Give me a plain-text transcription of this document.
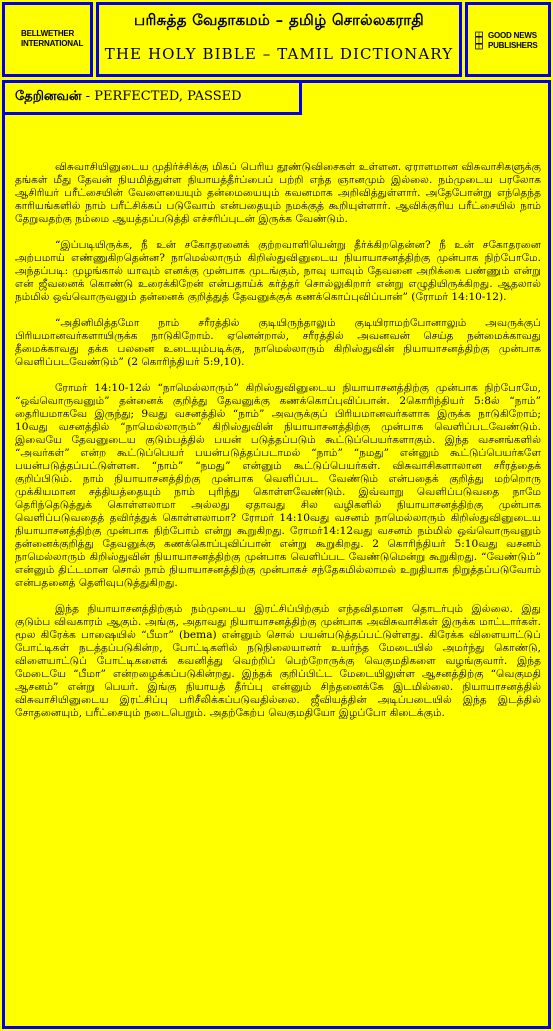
BELLWETHER INTERNATIONAL
பரிசுத்த வேதாகமம் – தமிழ் சொல்லகராதி
THE HOLY BIBLE – TAMIL DICTIONARY
GOOD NEWS PUBLISHERS
தேறினவன் - PERFECTED, PASSED

விசுவாசியினுடைய முதிர்ச்சிக்கு மிகப் பெரிய தூண்டுவிசைகள் உள்ளன. ஏராளமான விசுவாசிகளுக்கு தங்கள் மீது தேவன் நியமித்துள்ள நியாயத்தீர்ப்பைப் பற்றி எந்த ஞானமும் இல்லை. நம்முடைய பரலோக ஆசிரியர் பரீட்சையின் வேளையையும் தன்மையையும் கவனமாக அறிவித்துள்ளார். அதேபோன்று எந்தெந்த காரியங்களில் நாம் பரீட்சிக்கப் படுவோம் என்பதையும் நமக்குத் கூறியுள்ளார். ஆவிக்குரிய பரீட்சையில் நாம் தேறுவதற்கு நம்மை ஆயத்தப்படுத்தி எச்சரிப்புடன் இருக்க வேண்டும்.

“இப்படியிருக்க, நீ உன் சகோதரனைக் குற்றவாளியென்று தீர்க்கிறதென்ன? நீ உன் சகோதரனை அற்பமாய் எண்ணுகிறதென்ன? நாமெல்லாரும் கிறிஸ்துவினுடைய நியாயாசனத்திற்கு முன்பாக நிற்போமே. அந்தப்படி: முழங்கால் யாவும் எனக்கு முன்பாக முடங்கும், நாவு யாவும் தேவனை அறிக்கை பண்ணும் என்று என் ஜீவனைக் கொண்டு உரைக்கிறேன் என்பதாய்க் கர்த்தர் சொல்லுகிறார் என்று எழுதியிருக்கிறது. ஆதலால் நம்மில் ஒவ்வொருவனும் தன்னைக் குறித்துத் தேவனுக்குக் கணக்கொப்புவிப்பான்” (ரோமர் 14:10-12).

“அதினிமித்தமோ நாம் சரீரத்தில் குடியிருந்தாலும் குடியிராமற்போனாலும் அவருக்குப் பிரியமானவர்களாயிருக்க நாடுகிறோம். ஏனென்றால், சரீரத்தில் அவனவன் செய்த நன்மைக்காவது தீமைக்காவது தக்க பலனை உடையும்படிக்கு, நாமெல்லாரும் கிறிஸ்துவின் நியாயாசனத்திற்கு முன்பாக வெளிப்படவேண்டும்” (2 கொரிந்தியர் 5:9,10).

ரோமர் 14:10-12ல் “நாமெல்லாரும்” கிறிஸ்துவினுடைய நியாயாசனத்திற்கு முன்பாக நிற்போமே, “ஒவ்வொருவனும்” தன்னைக் குறித்து தேவனுக்கு கணக்கொப்புவிப்பான். 2கொரிந்தியர் 5:8ல் “நாம்” தைரியமாகவே இருந்து; 9வது வசனத்தில் “நாம்” அவருக்குப் பிரியமானவர்களாக இருக்க நாடுகிறோம்; 10வது வசனத்தில் “நாமெல்லாரும்” கிறிஸ்துவின் நியாயாசனத்திற்கு முன்பாக வெளிப்படவேண்டும். இவையே தேவனுடைய குடும்பத்தில் பயன் படுத்தப்படும் கூட்டுப்பெயர்களாகும். இந்த வசனங்களில் “அவர்கள்” என்ற கூட்டுப்பெயர் பயன்படுத்தப்படாமல் “நாம்” “நமது” என்னும் கூட்டுப்பெயர்களே பயன்படுத்தப்பட்டுள்ளன. “நாம்” “நமது” என்னும் கூட்டுப்பெயர்கள். விசுவாசிகளாலான சரீரத்தைக் குறிப்பிடும். நாம் நியாயாசனத்திற்கு முன்பாக வெளிப்பட வேண்டும் என்பதைக் குறித்து மற்றொரு முக்கியமான சத்தியத்தையும் நாம் புரிந்து கொள்ளவேண்டும். இவ்வாறு வெளிப்படுவதை நாமே தெரிந்தெடுத்துக் கொள்ளலாமா அல்லது ஏதாவது சில வழிகளில் நியாயாசனத்திற்கு முன்பாக வெளிப்படுவதைத் தவிர்த்துக் கொள்ளலாமா? ரோமர் 14:10வது வசனம் நாமெல்லாரும் கிறிஸ்துவினுடைய நியாயாசனத்திற்கு முன்பாக நிற்போம் என்று கூறுகிறது. ரோமர்14:12வது வசனம் நம்மில் ஒவ்வொருவனும் தன்னைக்குறித்து தேவனுக்கு கணக்கொப்புவிப்பான் என்று கூறுகிறது. 2 கொரிந்தியர் 5:10வது வசனம் நாமெல்லாரும் கிறிஸ்துவின் நியாயாசனத்திற்கு முன்பாக வெளிப்பட வேண்டுமென்று கூறுகிறது. “வேண்டும்” என்னும் திட்டமான சொல் நாம் நியாயாசனத்திற்கு முன்பாகச் சந்தேகமில்லாமல் உறுதியாக நிறுத்தப்படுவோம் என்பதனைத் தெளிவுபடுத்துகிறது.

இந்த நியாயாசனத்திற்கும் நம்முடைய இரட்சிப்பிற்கும் எந்தவிதமான தொடர்பும் இல்லை. இது குடும்ப விவகாரம் ஆகும். அங்கு, அதாவது நியாயாசனத்திற்கு முன்பாக அவிசுவாசிகள் இருக்க மாட்டார்கள். மூல கிரேக்க பாஷையில் “பீமா” (bema) என்னும் சொல் பயன்படுத்தப்பட்டுள்ளது. கிரேக்க விளையாட்டுப் போட்டிகள் நடத்தப்படுகின்ற, போட்டிகளில் நடுநிலையானர் உயர்ந்த மேடையில் அமர்ந்து கொண்டு, விளையாட்டுப் போட்டிகளைக் கவனித்து வெற்றிப் பெற்றோருக்கு வெகுமதிகளை வழங்குவார். இந்த மேடையே “பீமா” என்றழைக்கப்படுகின்றது. இந்தக் குறிப்பிட்ட மேடையிலுள்ள ஆசனத்திற்கு “வெகுமதி ஆசனம்” என்று பெயர். இங்கு நியாயத் தீர்ப்பு என்னும் சிந்தனைக்கே இடமில்லை. நியாயாசனத்தில் விசுவாசியினுடைய இரட்சிப்பு பரிசீலிக்கப்படுவதில்லை. ஜீவியத்தின் அடிப்படையில் இந்த இடத்தில் சோதனையும், பரீட்சையும் நடைபெறும். அதற்கேற்ப வெகுமதியோ இழப்போ கிடைக்கும்.
